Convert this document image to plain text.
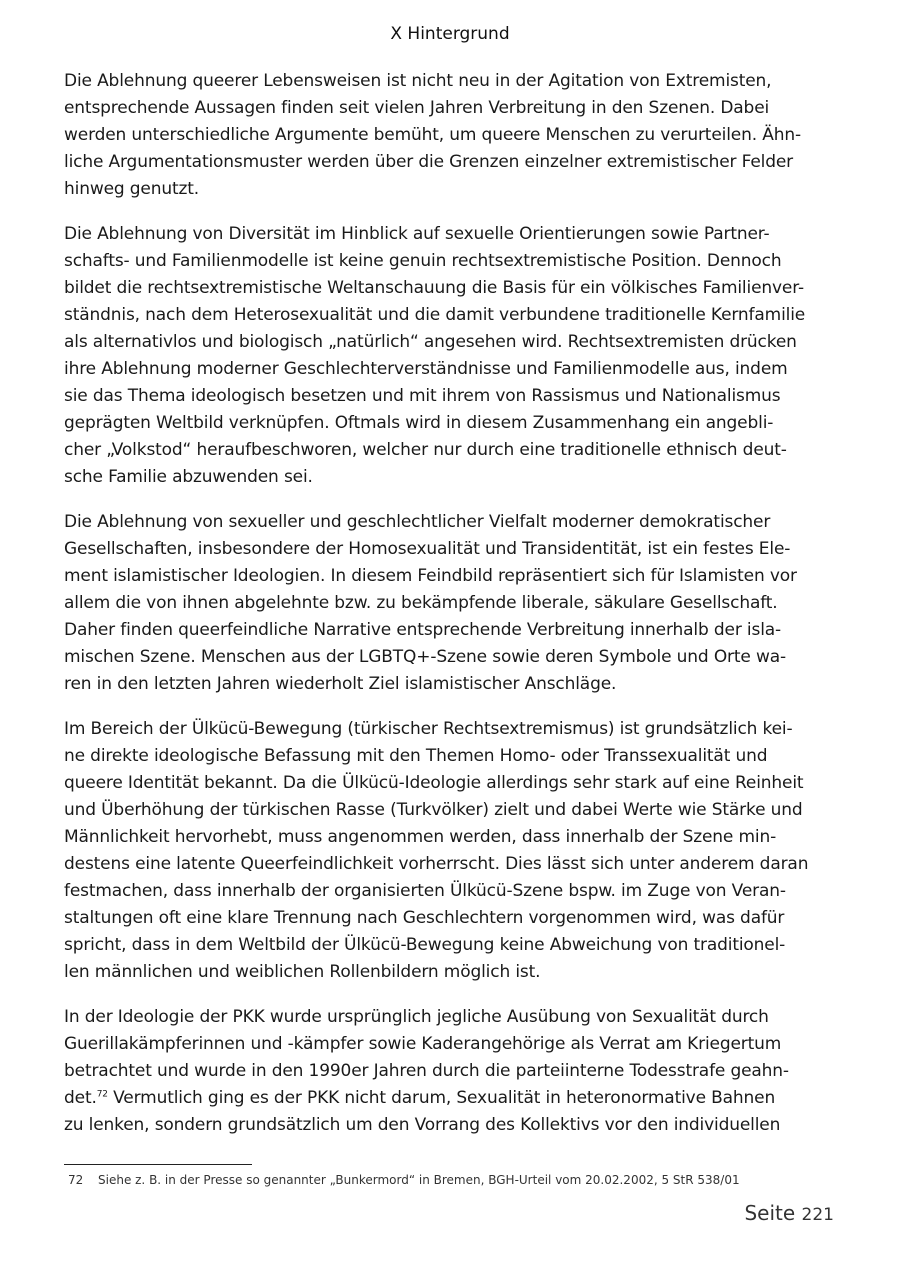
X Hintergrund

Die Ablehnung queerer Lebensweisen ist nicht neu in der Agitation von Extremisten,
entsprechende Aussagen finden seit vielen Jahren Verbreitung in den Szenen. Dabei
werden unterschiedliche Argumente bemüht, um queere Menschen zu verurteilen. Ähn-
liche Argumentationsmuster werden über die Grenzen einzelner extremistischer Felder
hinweg genutzt.

Die Ablehnung von Diversität im Hinblick auf sexuelle Orientierungen sowie Partner-
schafts- und Familienmodelle ist keine genuin rechtsextremistische Position. Dennoch
bildet die rechtsextremistische Weltanschauung die Basis für ein völkisches Familienver-
ständnis, nach dem Heterosexualität und die damit verbundene traditionelle Kernfamilie
als alternativlos und biologisch „natürlich“ angesehen wird. Rechtsextremisten drücken
ihre Ablehnung moderner Geschlechterverständnisse und Familienmodelle aus, indem
sie das Thema ideologisch besetzen und mit ihrem von Rassismus und Nationalismus
geprägten Weltbild verknüpfen. Oftmals wird in diesem Zusammenhang ein angebli-
cher „Volkstod“ heraufbeschworen, welcher nur durch eine traditionelle ethnisch deut-
sche Familie abzuwenden sei.

Die Ablehnung von sexueller und geschlechtlicher Vielfalt moderner demokratischer
Gesellschaften, insbesondere der Homosexualität und Transidentität, ist ein festes Ele-
ment islamistischer Ideologien. In diesem Feindbild repräsentiert sich für Islamisten vor
allem die von ihnen abgelehnte bzw. zu bekämpfende liberale, säkulare Gesellschaft.
Daher finden queerfeindliche Narrative entsprechende Verbreitung innerhalb der isla-
mischen Szene. Menschen aus der LGBTQ+-Szene sowie deren Symbole und Orte wa-
ren in den letzten Jahren wiederholt Ziel islamistischer Anschläge.

Im Bereich der Ülkücü-Bewegung (türkischer Rechtsextremismus) ist grundsätzlich kei-
ne direkte ideologische Befassung mit den Themen Homo- oder Transsexualität und
queere Identität bekannt. Da die Ülkücü-Ideologie allerdings sehr stark auf eine Reinheit
und Überhöhung der türkischen Rasse (Turkvölker) zielt und dabei Werte wie Stärke und
Männlichkeit hervorhebt, muss angenommen werden, dass innerhalb der Szene min-
destens eine latente Queerfeindlichkeit vorherrscht. Dies lässt sich unter anderem daran
festmachen, dass innerhalb der organisierten Ülkücü-Szene bspw. im Zuge von Veran-
staltungen oft eine klare Trennung nach Geschlechtern vorgenommen wird, was dafür
spricht, dass in dem Weltbild der Ülkücü-Bewegung keine Abweichung von traditionel-
len männlichen und weiblichen Rollenbildern möglich ist.

In der Ideologie der PKK wurde ursprünglich jegliche Ausübung von Sexualität durch
Guerillakämpferinnen und -kämpfer sowie Kaderangehörige als Verrat am Kriegertum
betrachtet und wurde in den 1990er Jahren durch die parteiinterne Todesstrafe geahn-
det.$^{72}$ Vermutlich ging es der PKK nicht darum, Sexualität in heteronormative Bahnen
zu lenken, sondern grundsätzlich um den Vorrang des Kollektivs vor den individuellen

72 Siehe z. B. in der Presse so genannter „Bunkermord“ in Bremen, BGH-Urteil vom 20.02.2002, 5 StR 538/01
Seite 221
